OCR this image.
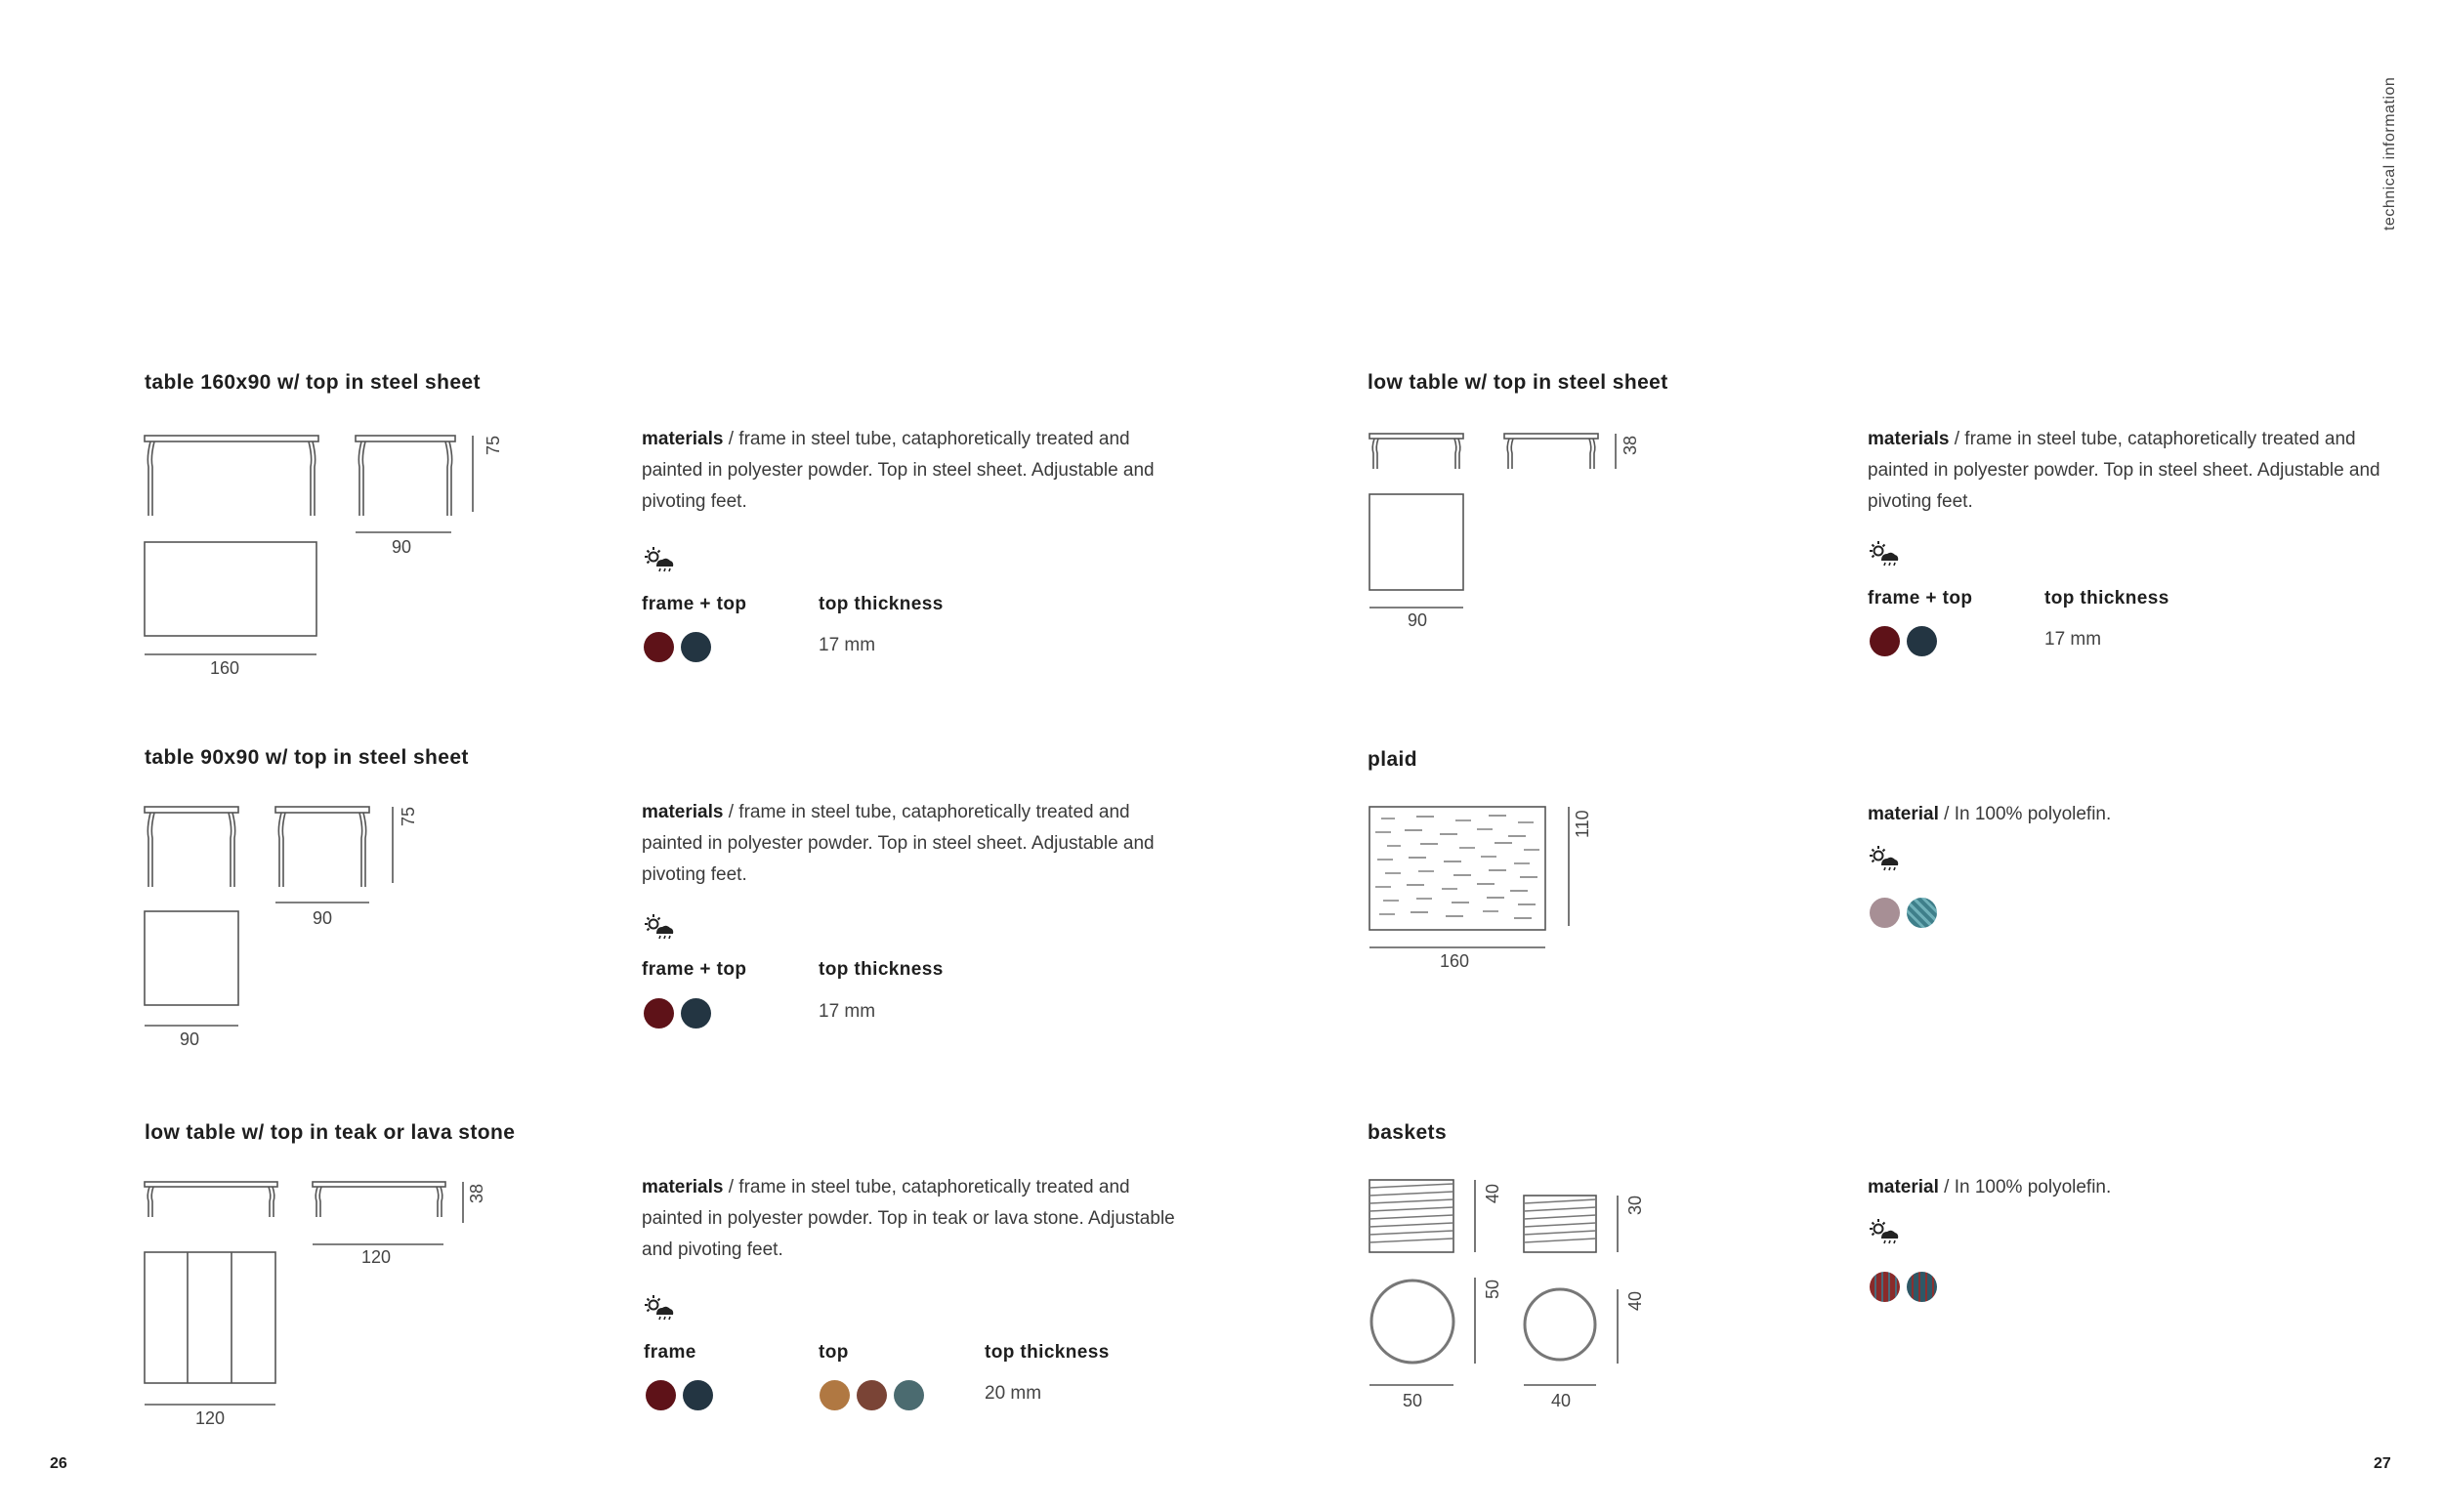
technical information
26	27
table 160x90 w/ top in steel sheet
90
75
160
materials / frame in steel tube, cataphoretically treated and painted in polyester powder. Top in steel sheet. Adjustable and pivoting feet.
frame + top	top thickness
17 mm
table 90x90 w/ top in steel sheet
90
75
90
materials / frame in steel tube, cataphoretically treated and painted in polyester powder. Top in steel sheet. Adjustable and pivoting feet.
frame + top	top thickness
17 mm
low table w/ top in teak or lava stone
120
38
120
materials / frame in steel tube, cataphoretically treated and painted in polyester powder. Top in teak or lava stone. Adjustable and pivoting feet.
frame	top	top thickness
20 mm
low table w/ top in steel sheet
38
90
materials / frame in steel tube, cataphoretically treated and painted in polyester powder. Top in steel sheet. Adjustable and pivoting feet.
frame + top	top thickness
17 mm
plaid
110
160
material / In 100% polyolefin.
baskets
40
30
50
40
50	40
material / In 100% polyolefin.
